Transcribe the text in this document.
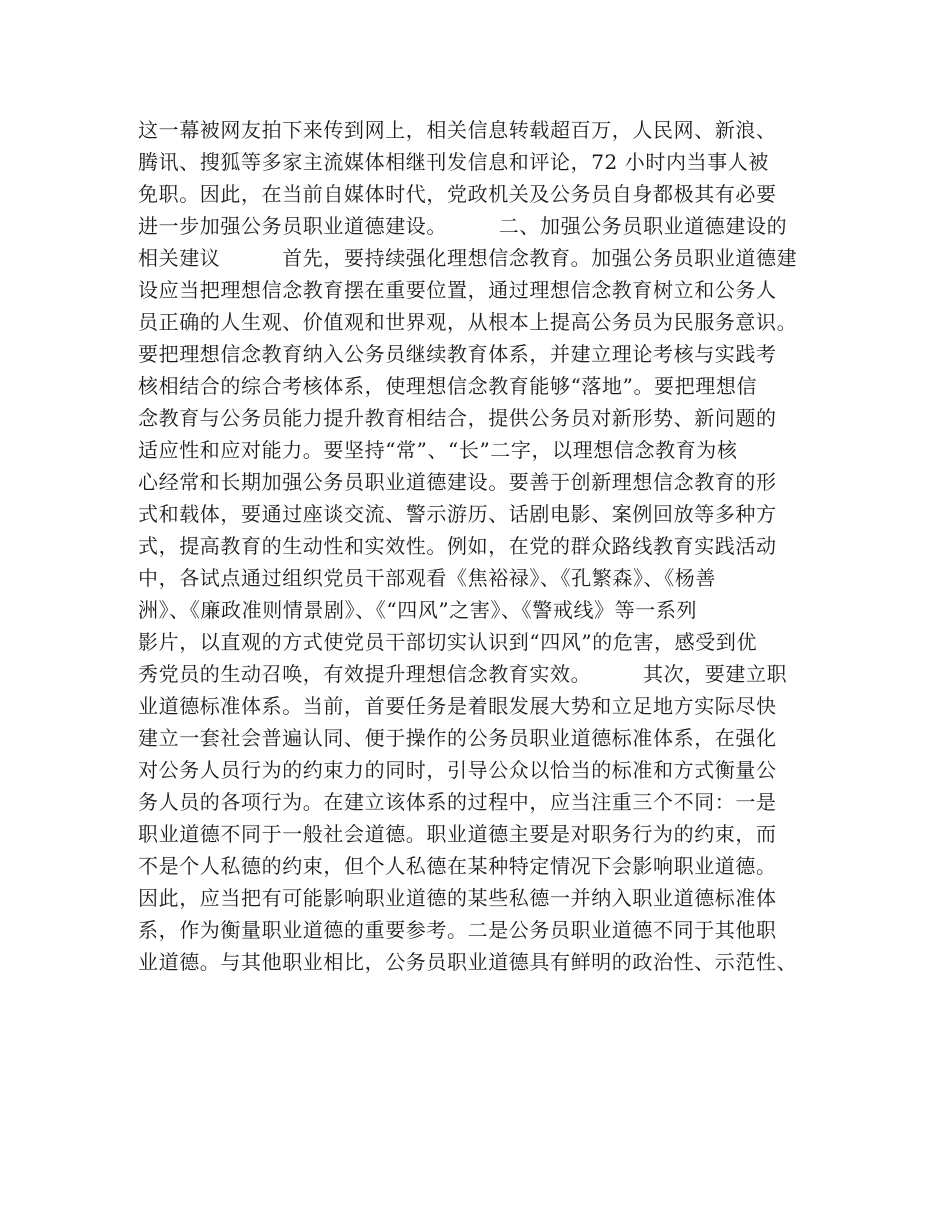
这一幕被网友拍下来传到网上，相关信息转载超百万，人民网、新浪、
腾讯、搜狐等多家主流媒体相继刊发信息和评论，72 小时内当事人被
免职。因此，在当前自媒体时代，党政机关及公务员自身都极其有必要
进一步加强公务员职业道德建设。　　　二、加强公务员职业道德建设的
相关建议　　　首先，要持续强化理想信念教育。加强公务员职业道德建
设应当把理想信念教育摆在重要位置，通过理想信念教育树立和公务人
员正确的人生观、价值观和世界观，从根本上提高公务员为民服务意识。
要把理想信念教育纳入公务员继续教育体系，并建立理论考核与实践考
核相结合的综合考核体系，使理想信念教育能够“落地”。要把理想信
念教育与公务员能力提升教育相结合，提供公务员对新形势、新问题的
适应性和应对能力。要坚持“常”、“长”二字，以理想信念教育为核
心经常和长期加强公务员职业道德建设。要善于创新理想信念教育的形
式和载体，要通过座谈交流、警示游历、话剧电影、案例回放等多种方
式，提高教育的生动性和实效性。例如，在党的群众路线教育实践活动
中，各试点通过组织党员干部观看《焦裕禄》、《孔繁森》、《杨善
洲》、《廉政准则情景剧》、《“四风”之害》、《警戒线》等一系列
影片，以直观的方式使党员干部切实认识到“四风”的危害，感受到优
秀党员的生动召唤，有效提升理想信念教育实效。　　　其次，要建立职
业道德标准体系。当前，首要任务是着眼发展大势和立足地方实际尽快
建立一套社会普遍认同、便于操作的公务员职业道德标准体系，在强化
对公务人员行为的约束力的同时，引导公众以恰当的标准和方式衡量公
务人员的各项行为。在建立该体系的过程中，应当注重三个不同：一是
职业道德不同于一般社会道德。职业道德主要是对职务行为的约束，而
不是个人私德的约束，但个人私德在某种特定情况下会影响职业道德。
因此，应当把有可能影响职业道德的某些私德一并纳入职业道德标准体
系，作为衡量职业道德的重要参考。二是公务员职业道德不同于其他职
业道德。与其他职业相比，公务员职业道德具有鲜明的政治性、示范性、
